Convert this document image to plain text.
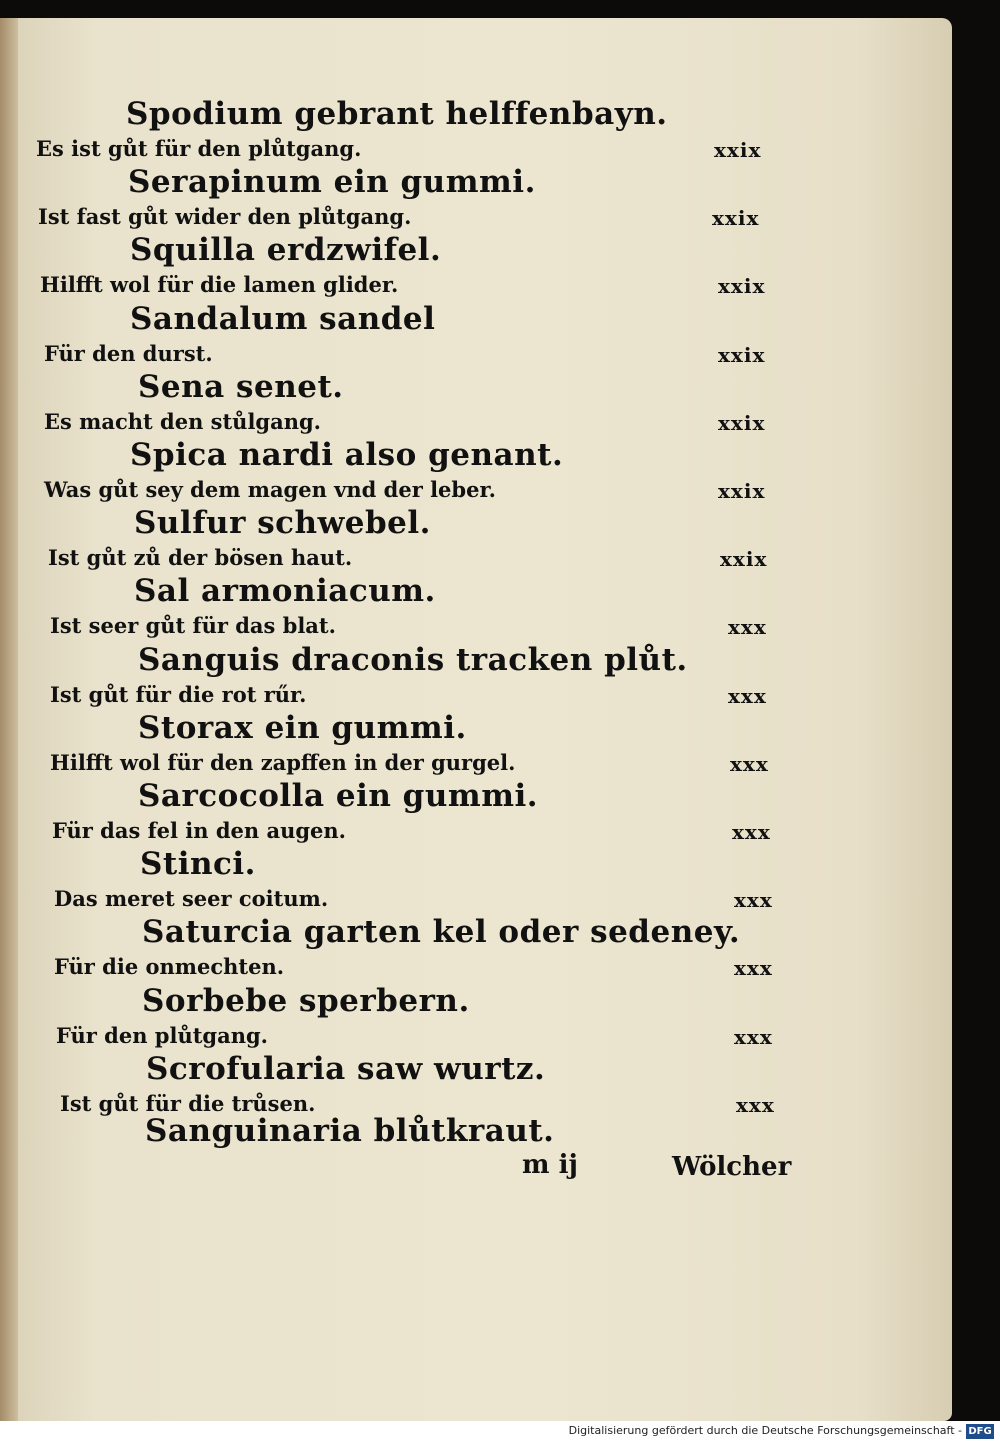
Spodium gebrant helffenbayn.
Es ist gůt für den plůtgang.	xxix
Serapinum ein gummi.
Ist fast gůt wider den plůtgang.	xxix
Squilla erdzwifel.
Hilfft wol für die lamen glider.	xxix
Sandalum sandel
Für den durst.	xxix
Sena senet.
Es macht den stůlgang.	xxix
Spica nardi also genant.
Was gůt sey dem magen vnd der leber.	xxix
Sulfur schwebel.
Ist gůt zů der bösen haut.	xxix
Sal armoniacum.
Ist seer gůt für das blat.	xxx
Sanguis draconis tracken plůt.
Ist gůt für die rot rűr.	xxx
Storax ein gummi.
Hilfft wol für den zapffen in der gurgel.	xxx
Sarcocolla ein gummi.
Für das fel in den augen.	xxx
Stinci.
Das meret seer coitum.	xxx
Saturcia garten kel oder sedeney.
Für die onmechten.	xxx
Sorbebe sperbern.
Für den plůtgang.	xxx
Scrofularia saw wurtz.
Ist gůt für die trůsen.	xxx
Sanguinaria blůtkraut.
m ij	Wölcher
Digitalisierung gefördert durch die Deutsche Forschungsgemeinschaft - DFG
